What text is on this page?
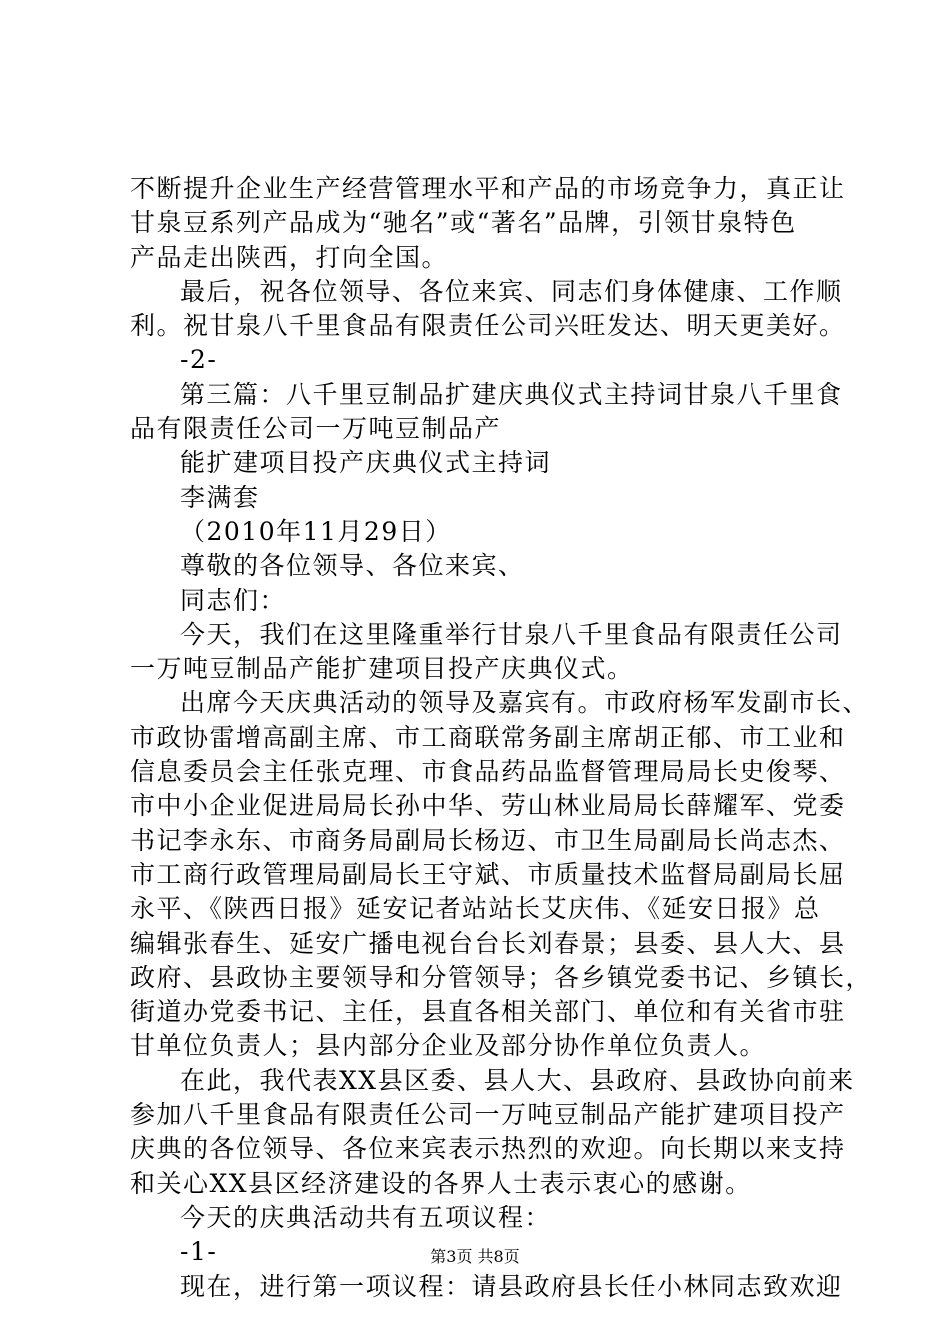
不断提升企业生产经营管理水平和产品的市场竞争力，真正让
甘泉豆系列产品成为“驰名”或“著名”品牌，引领甘泉特色
产品走出陕西，打向全国。
最后，祝各位领导、各位来宾、同志们身体健康、工作顺
利。祝甘泉八千里食品有限责任公司兴旺发达、明天更美好。
-2-
第三篇：八千里豆制品扩建庆典仪式主持词甘泉八千里食
品有限责任公司一万吨豆制品产
能扩建项目投产庆典仪式主持词
李满套
（2010年11月29日）
尊敬的各位领导、各位来宾、
同志们：
今天，我们在这里隆重举行甘泉八千里食品有限责任公司
一万吨豆制品产能扩建项目投产庆典仪式。
出席今天庆典活动的领导及嘉宾有。市政府杨军发副市长、
市政协雷增高副主席、市工商联常务副主席胡正郁、市工业和
信息委员会主任张克理、市食品药品监督管理局局长史俊琴、
市中小企业促进局局长孙中华、劳山林业局局长薛耀军、党委
书记李永东、市商务局副局长杨迈、市卫生局副局长尚志杰、
市工商行政管理局副局长王守斌、市质量技术监督局副局长屈
永平、《陕西日报》延安记者站站长艾庆伟、《延安日报》总
编辑张春生、延安广播电视台台长刘春景；县委、县人大、县
政府、县政协主要领导和分管领导；各乡镇党委书记、乡镇长，
街道办党委书记、主任，县直各相关部门、单位和有关省市驻
甘单位负责人；县内部分企业及部分协作单位负责人。
在此，我代表XX县区委、县人大、县政府、县政协向前来
参加八千里食品有限责任公司一万吨豆制品产能扩建项目投产
庆典的各位领导、各位来宾表示热烈的欢迎。向长期以来支持
和关心XX县区经济建设的各界人士表示衷心的感谢。
今天的庆典活动共有五项议程：
-1-
现在，进行第一项议程：请县政府县长任小林同志致欢迎
第3页 共8页
